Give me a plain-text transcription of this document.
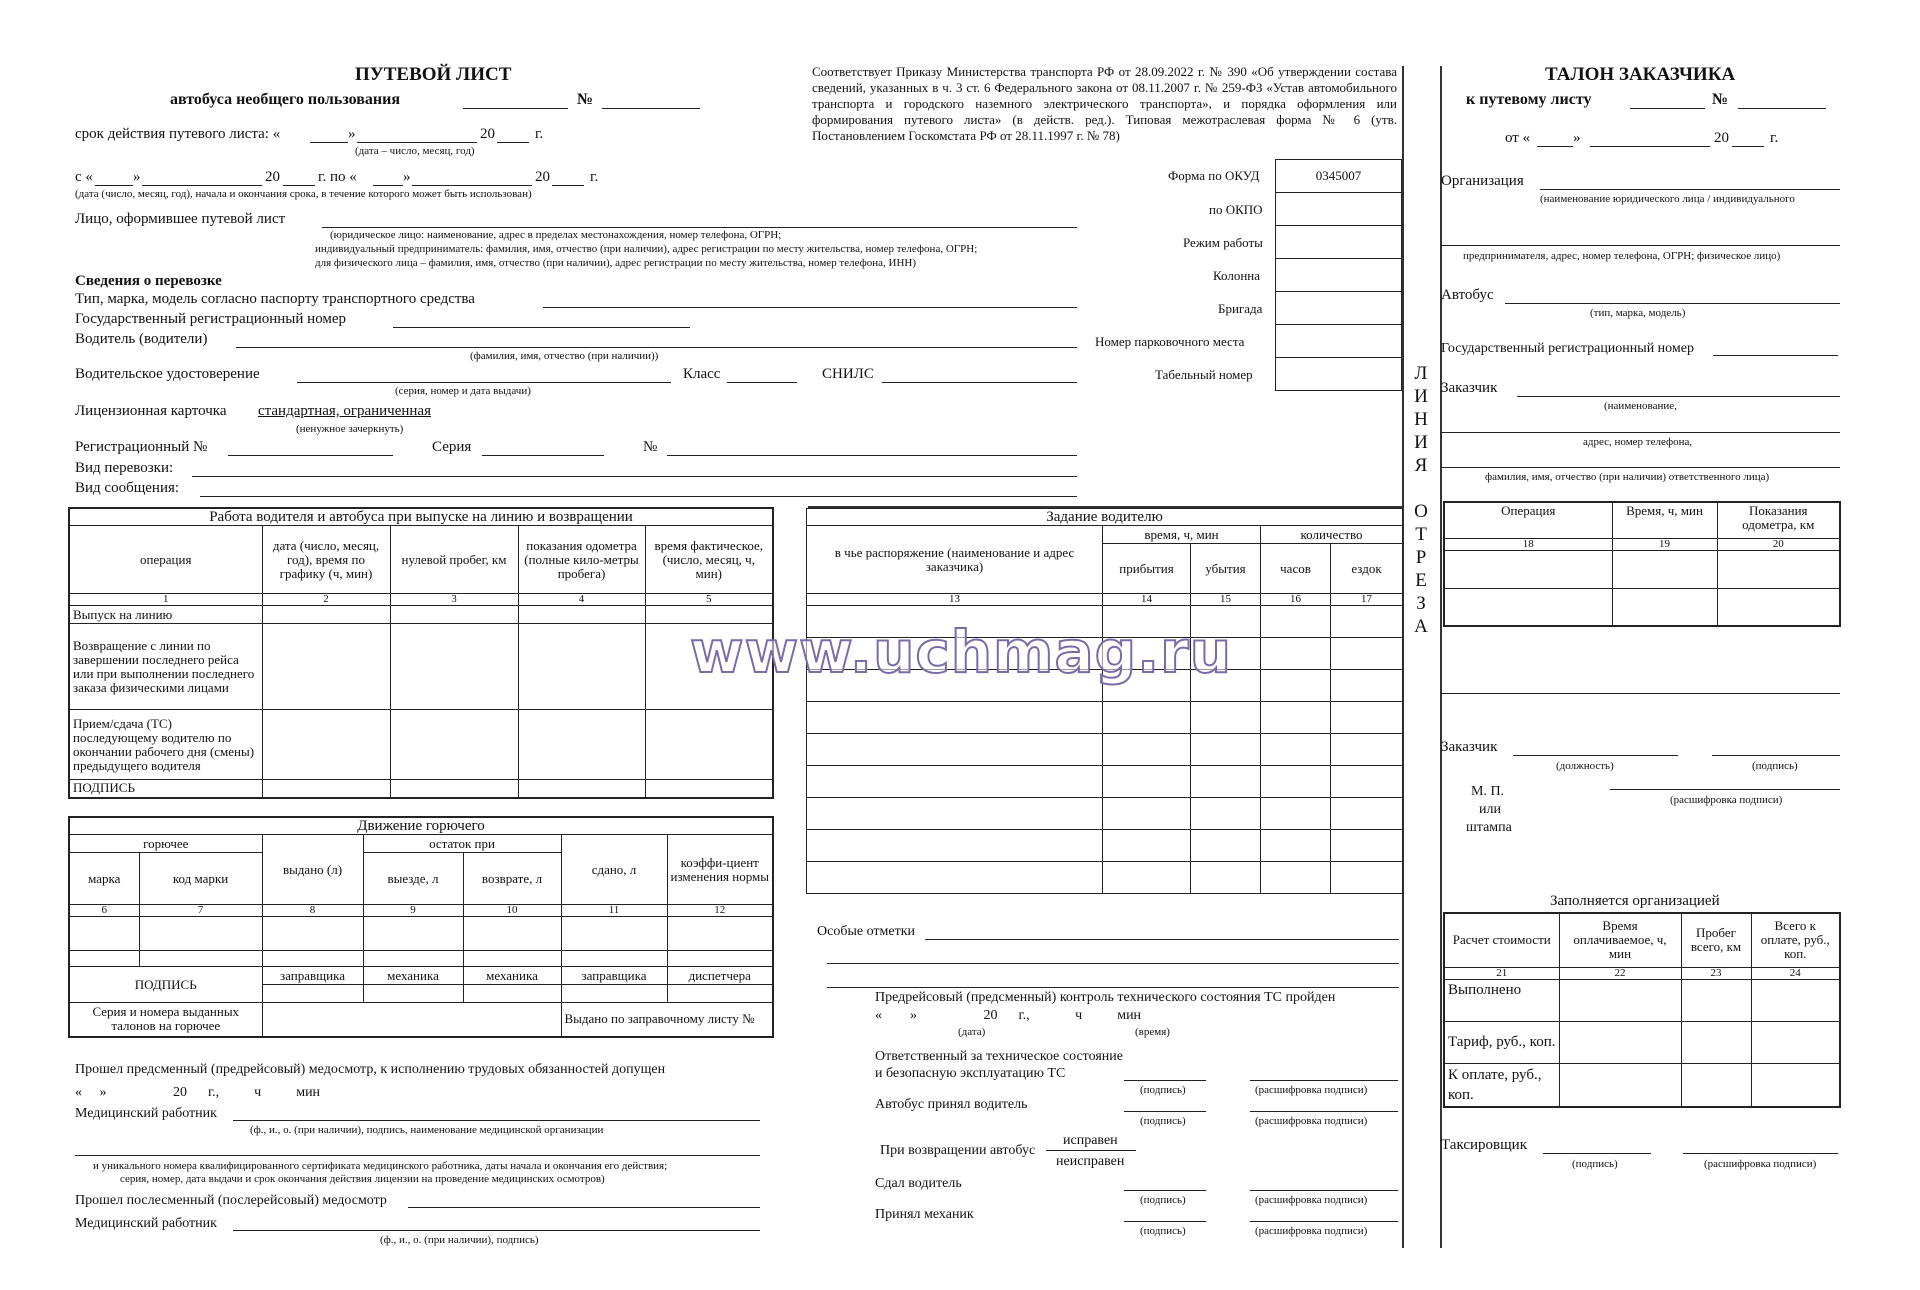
ПУТЕВОЙ ЛИСТ
автобуса необщего пользования	№
срок действия путевого листа: «	»	20	г.
(дата – число, месяц, год)
с «	»	20	г. по «	»	20	г.
(дата (число, месяц, год), начала и окончания срока, в течение которого может быть использован)
Лицо, оформившее путевой лист
(юридическое лицо: наименование, адрес в пределах местонахождения, номер телефона, ОГРН;
индивидуальный предприниматель: фамилия, имя, отчество (при наличии), адрес регистрации по месту жительства, номер телефона, ОГРН;
для физического лица – фамилия, имя, отчество (при наличии), адрес регистрации по месту жительства, номер телефона, ИНН)
Сведения о перевозке
Тип, марка, модель согласно паспорту транспортного средства
Государственный регистрационный номер
Водитель (водители)
(фамилия, имя, отчество (при наличии))
Водительское удостоверение
(серия, номер и дата выдачи)
Класс	СНИЛС
Лицензионная карточка стандартная, ограниченная
(ненужное зачеркнуть)
Регистрационный №	Серия	№
Вид перевозки:
Вид сообщения:
Соответствует Приказу Министерства транспорта РФ от 28.09.2022 г. № 390 «Об утверждении состава сведений, указанных в ч. 3 ст. 6 Федерального закона от 08.11.2007 г. № 259-ФЗ «Устав автомобильного транспорта и городского наземного электрического транспорта», и порядка оформления или формирования путевого листа» (в действ. ред.). Типовая межотраслевая форма № 6 (утв. Постановлением Госкомстата РФ от 28.11.1997 г. № 78)
Форма по ОКУД
по ОКПО
Режим работы
Колонна
Бригада
Номер парковочного места
Табельный номер
0345007

Л
И
Н
И
Я
О
Т
Р
Е
З
А
Работа водителя и автобуса при выпуске на линию и возвращении				
операция	дата (число, месяц, год), время по графику (ч, мин)	нулевой пробег, км	показания одометра (полные кило-метры пробега)	время фактическое, (число, месяц, ч, мин)
1	2	3	4	5
Выпуск на линию				
Возвращение с линии по завершении последнего рейса или при выполнении последнего заказа физическими лицами				
Прием/сдача (ТС) последующему водителю по окончании рабочего дня (смены) предыдущего водителя				
ПОДПИСЬ				
Движение горючего						
горючее		выдано (л)	остаток при		сдано, л	коэффи-циент изменения нормы
марка	код марки		выезде, л	возврате, л		
6	7	8	9	10	11	12

ПОДПИСЬ		заправщика	механика	механика	заправщика	диспетчера

Серия и номера выданных талонов на горючее					Выдано по заправочному листу №	
Прошел предсменный (предрейсовый) медосмотр, к исполнению трудовых обязанностей допущен
«     »                   20      г.,          ч          мин
Медицинский работник
(ф., и., о. (при наличии), подпись, наименование медицинской организации
и уникального номера квалифицированного сертификата медицинского работника, даты начала и окончания его действия;
серия, номер, дата выдачи и срок окончания действия лицензии на проведение медицинских осмотров)
Прошел послесменный (послерейсовый) медосмотр
Медицинский работник
(ф., и., о. (при наличии), подпись)
Задание водителю				
в чье распоряжение (наименование и адрес заказчика)	время, ч, мин		количество	
	прибытия	убытия	часов	ездок
13	14	15	16	17

www.uchmag.ru
Особые отметки
Предрейсовый (предсменный) контроль технического состояния ТС пройден
«        »                   20      г.,             ч          мин
(дата)	(время)
Ответственный за техническое состояние
и безопасную эксплуатацию ТС
(подпись)	(расшифровка подписи)
Автобус принял водитель
(подпись)	(расшифровка подписи)
При возвращении автобус
исправен
неисправен
Сдал водитель
(подпись)	(расшифровка подписи)
Принял механик
(подпись)	(расшифровка подписи)
ТАЛОН ЗАКАЗЧИКА
к путевому листу	№
от «	»	20	г.
Организация
(наименование юридического лица / индивидуального
предпринимателя, адрес, номер телефона, ОГРН; физическое лицо)
Автобус
(тип, марка, модель)
Государственный регистрационный номер
Заказчик
(наименование,
адрес, номер телефона,
фамилия, имя, отчество (при наличии) ответственного лица)
Операция	Время, ч, мин	Показания одометра, км
18	19	20

Заказчик
(должность)	(подпись)
(расшифровка подписи)
М. П.
или
штампа
Заполняется организацией
Расчет стоимости	Время оплачиваемое, ч, мин	Пробег всего, км	Всего к оплате, руб., коп.
21	22	23	24
Выполнено			
Тариф, руб., коп.			
К оплате, руб., коп.			
Таксировщик
(подпись)	(расшифровка подписи)
